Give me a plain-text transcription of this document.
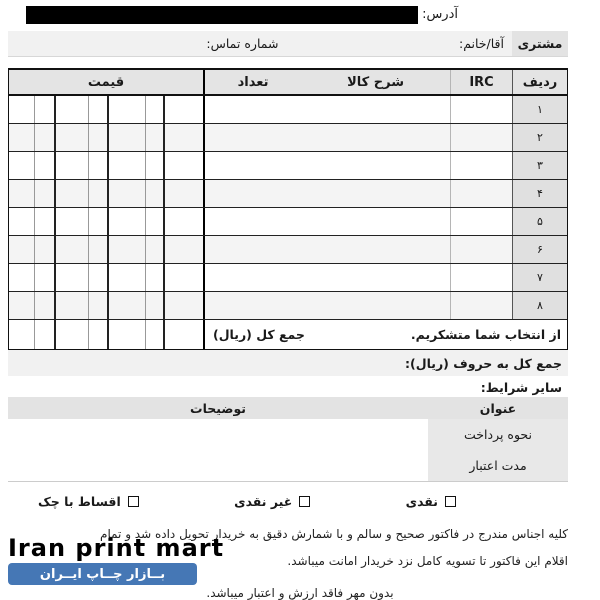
آدرس:
مشتری
آقا/خانم:
شماره تماس:
ردیف
IRC
شرح کالا
تعداد
قیمت
۱
۲
۳
۴
۵
۶
۷
۸
از انتخاب شما متشکریم.
جمع کل (ریال)
جمع کل به حروف (ریال):
سایر شرایط:
عنوان
توضیحات
نحوه پرداخت
مدت اعتبار
نقدی
غیر نقدی
اقساط با چک
کلیه اجناس مندرج در فاکتور صحیح و سالم و با شمارش دقیق به خریدار تحویل داده شد و تمام
اقلام این فاکتور تا تسویه کامل نزد خریدار امانت میباشد.
بدون مهر فاقد ارزش و اعتبار میباشد.
Iran print mart
بــازار چــاپ ایــران
